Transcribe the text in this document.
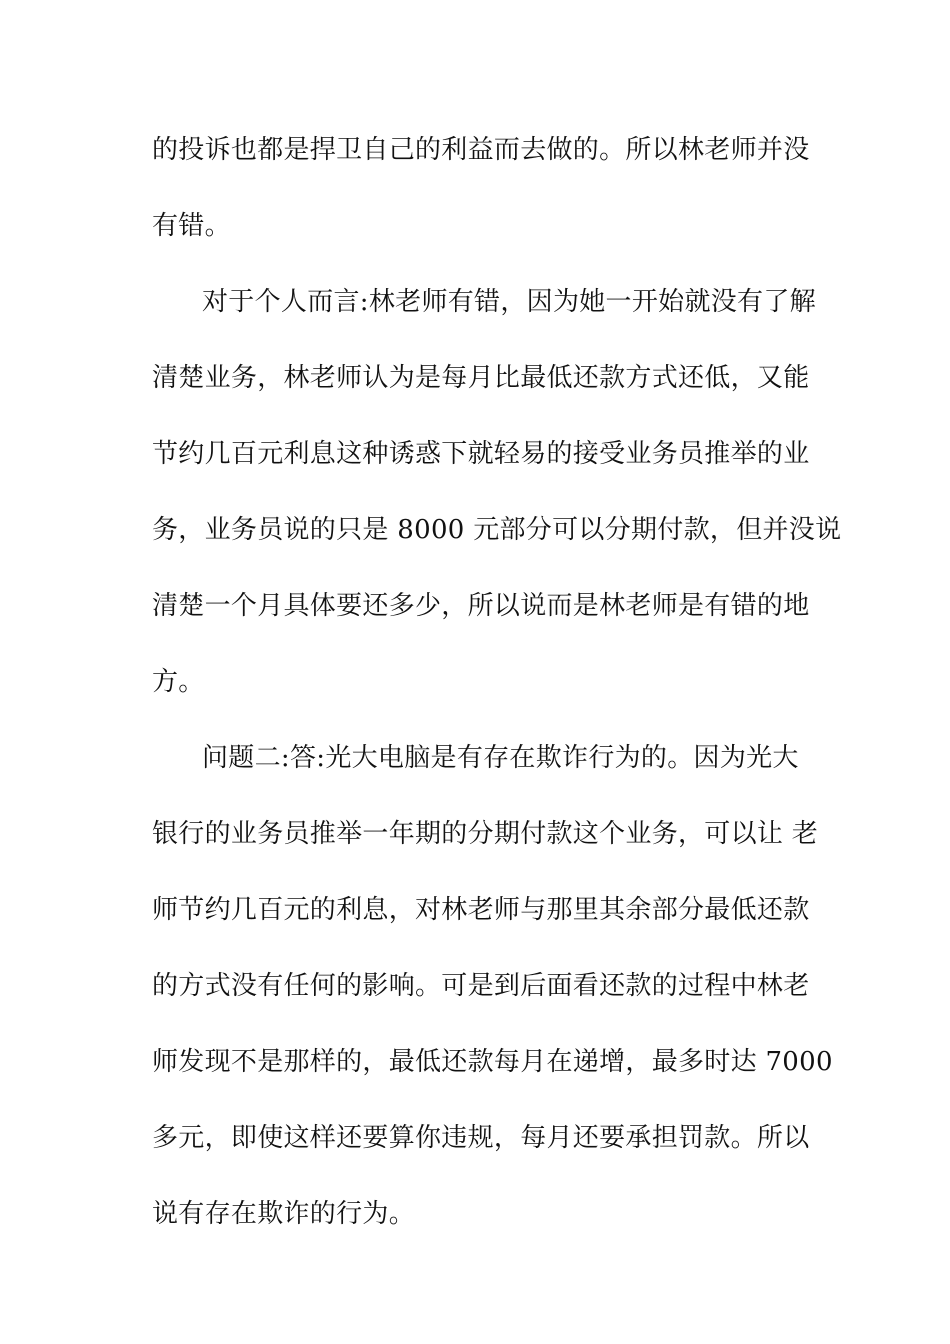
的投诉也都是捍卫自己的利益而去做的。所以林老师并没
有错。
对于个人而言:林老师有错，因为她一开始就没有了解
清楚业务，林老师认为是每月比最低还款方式还低，又能
节约几百元利息这种诱惑下就轻易的接受业务员推举的业
务，业务员说的只是 8000 元部分可以分期付款，但并没说
清楚一个月具体要还多少，所以说而是林老师是有错的地
方。
问题二:答:光大电脑是有存在欺诈行为的。因为光大
银行的业务员推举一年期的分期付款这个业务，可以让 老
师节约几百元的利息，对林老师与那里其余部分最低还款
的方式没有任何的影响。可是到后面看还款的过程中林老
师发现不是那样的，最低还款每月在递增，最多时达 7000
多元，即使这样还要算你违规，每月还要承担罚款。所以
说有存在欺诈的行为。
